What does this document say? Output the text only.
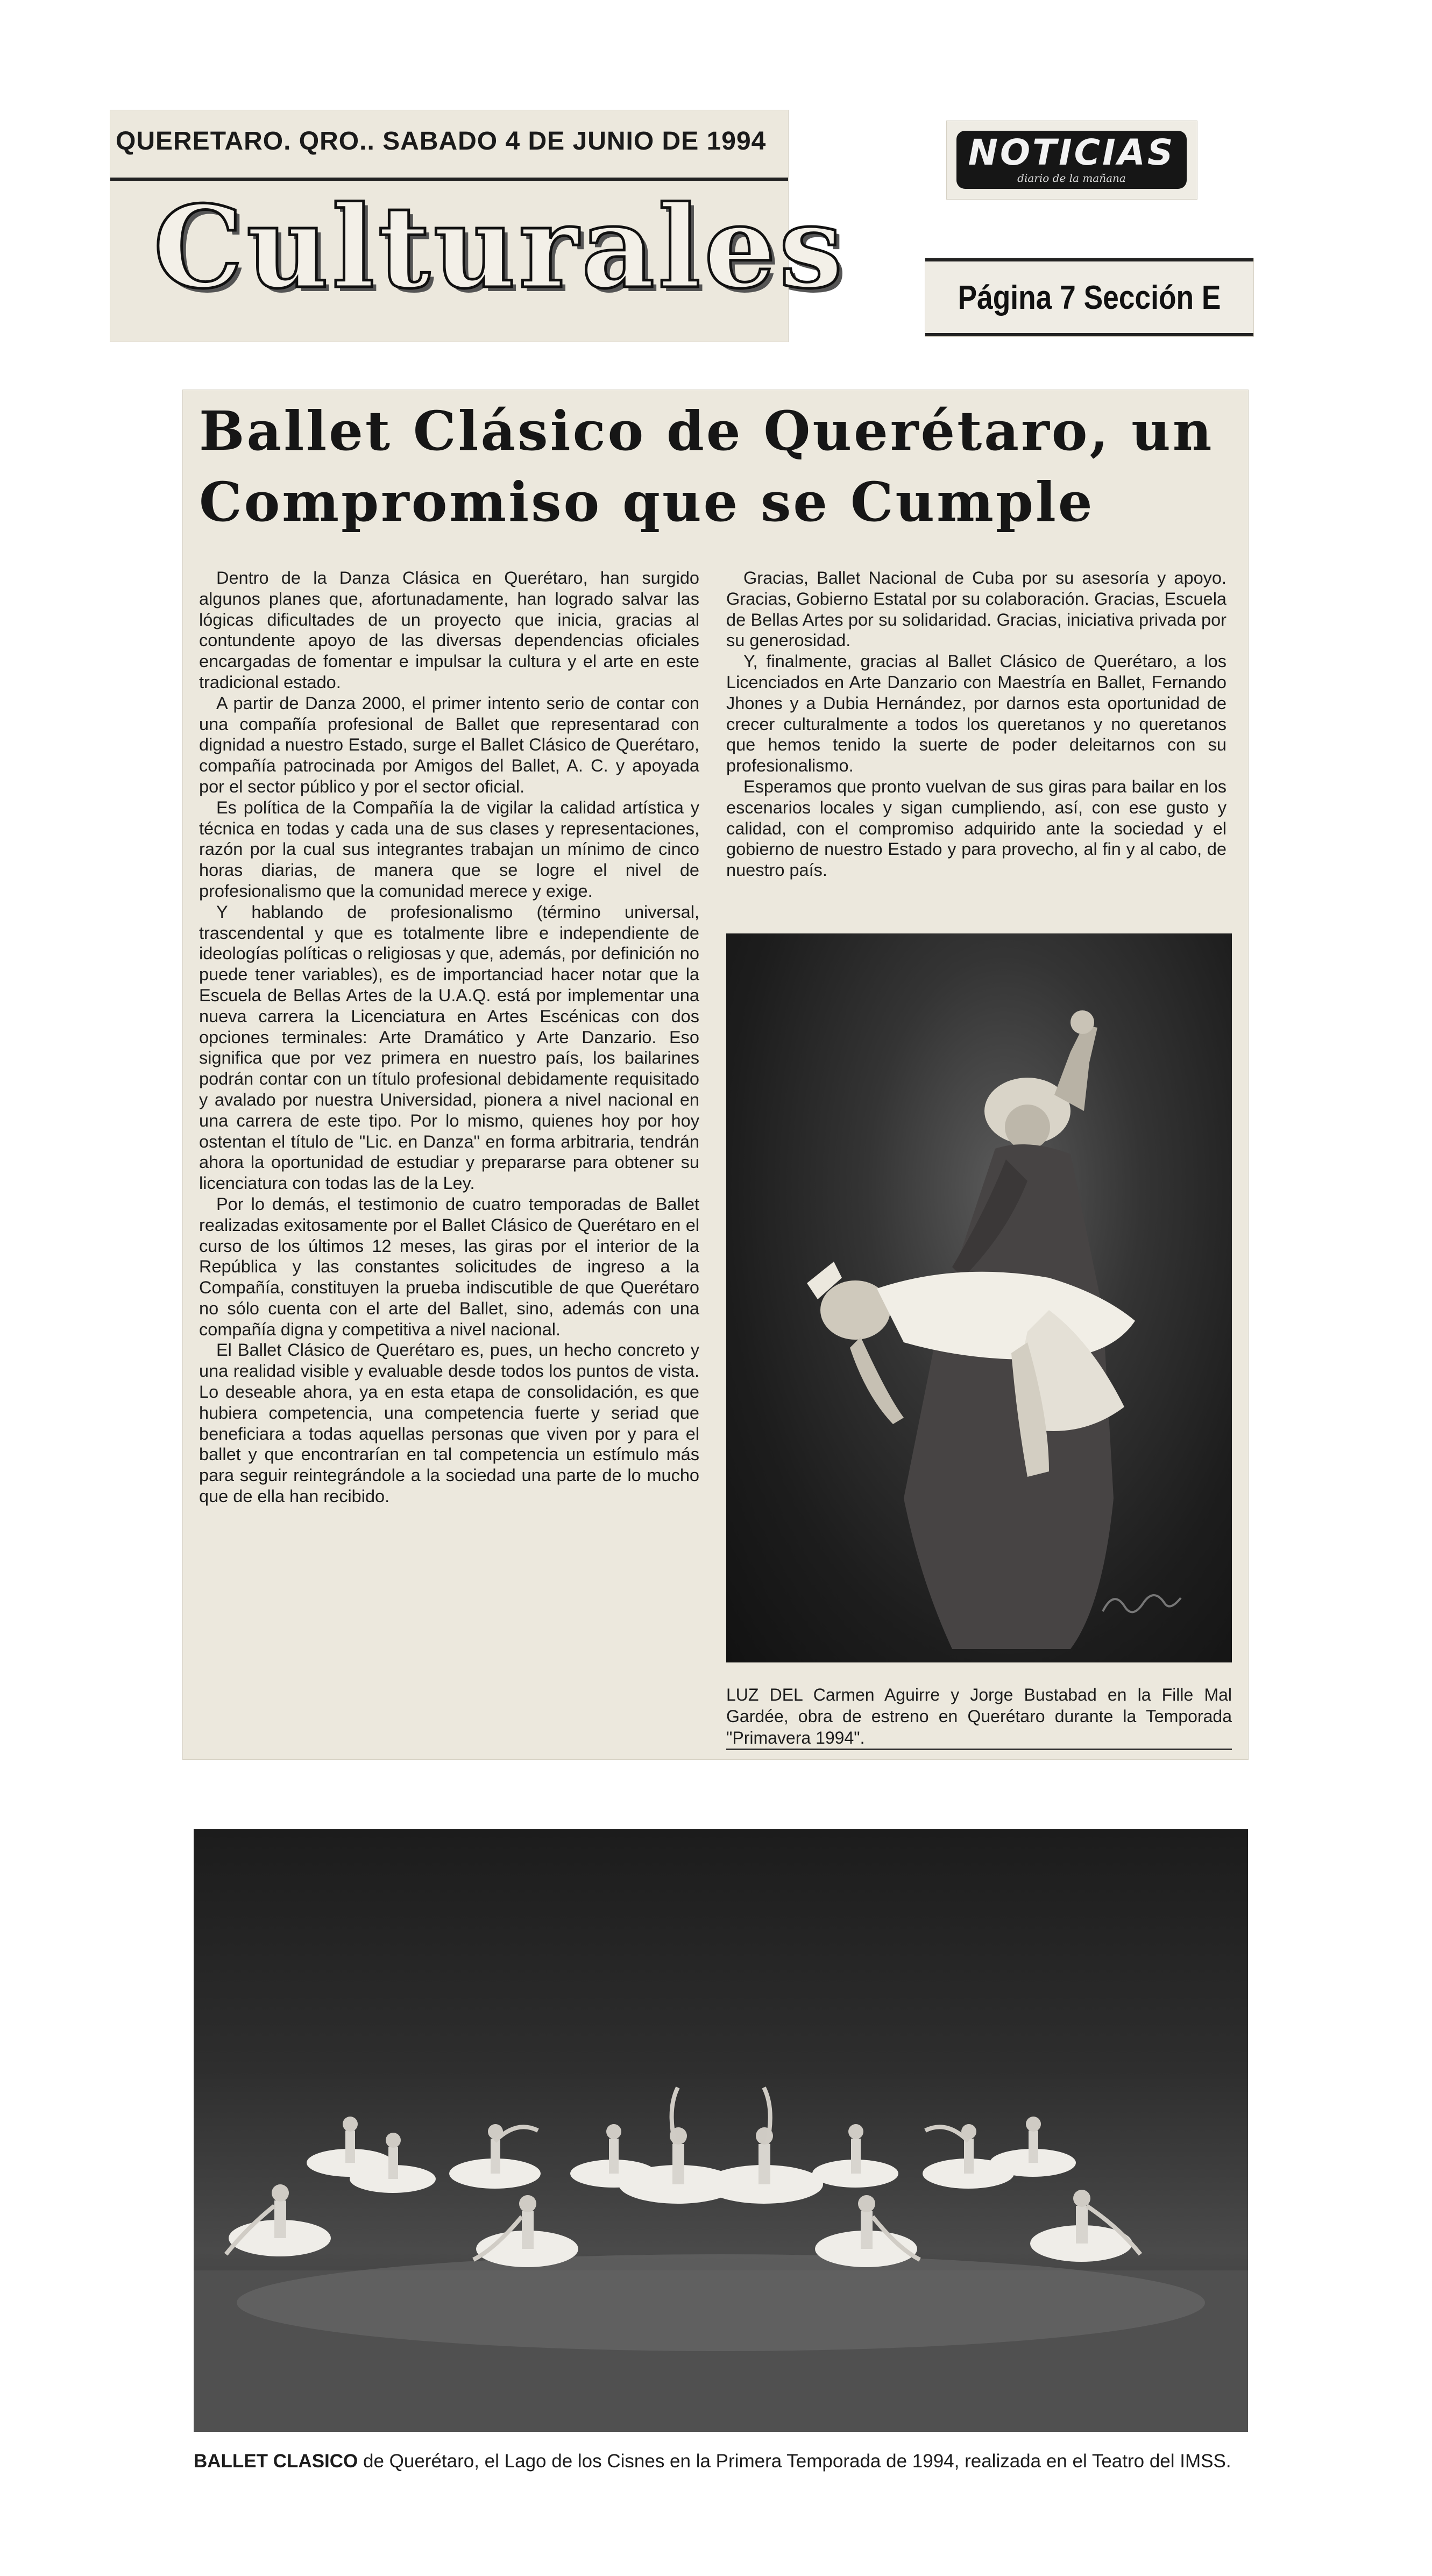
QUERETARO. QRO.. SABADO 4 DE JUNIO DE 1994
Culturales
NOTICIAS
diario de la mañana
Página 7 Sección E
Ballet Clásico de Querétaro, un
Compromiso que se Cumple

Dentro de la Danza Clásica en Querétaro, han surgido algunos planes que, afortunadamente, han logrado salvar las lógicas dificultades de un proyecto que inicia, gracias al contundente apoyo de las diversas dependencias oficiales encargadas de fomentar e impulsar la cultura y el arte en este tradicional estado.

A partir de Danza 2000, el primer intento serio de contar con una compañía profesional de Ballet que representarad con dignidad a nuestro Estado, surge el Ballet Clásico de Querétaro, compañía patrocinada por Amigos del Ballet, A. C. y apoyada por el sector público y por el sector oficial.

Es política de la Compañía la de vigilar la calidad artística y técnica en todas y cada una de sus clases y representaciones, razón por la cual sus integrantes trabajan un mínimo de cinco horas diarias, de manera que se logre el nivel de profesionalismo que la comunidad merece y exige.

Y hablando de profesionalismo (término universal, trascendental y que es totalmente libre e independiente de ideologías políticas o religiosas y que, además, por definición no puede tener variables), es de importanciad hacer notar que la Escuela de Bellas Artes de la U.A.Q. está por implementar una nueva carrera la Licenciatura en Artes Escénicas con dos opciones terminales: Arte Dramático y Arte Danzario. Eso significa que por vez primera en nuestro país, los bailarines podrán contar con un título profesional debidamente requisitado y avalado por nuestra Universidad, pionera a nivel nacional en una carrera de este tipo. Por lo mismo, quienes hoy por hoy ostentan el título de "Lic. en Danza" en forma arbitraria, tendrán ahora la oportunidad de estudiar y prepararse para obtener su licenciatura con todas las de la Ley.

Por lo demás, el testimonio de cuatro temporadas de Ballet realizadas exitosamente por el Ballet Clásico de Querétaro en el curso de los últimos 12 meses, las giras por el interior de la República y las constantes solicitudes de ingreso a la Compañía, constituyen la prueba indiscutible de que Querétaro no sólo cuenta con el arte del Ballet, sino, además con una compañía digna y competitiva a nivel nacional.

El Ballet Clásico de Querétaro es, pues, un hecho concreto y una realidad visible y evaluable desde todos los puntos de vista. Lo deseable ahora, ya en esta etapa de consolidación, es que hubiera competencia, una competencia fuerte y seriad que beneficiara a todas aquellas personas que viven por y para el ballet y que encontrarían en tal competencia un estímulo más para seguir reintegrándole a la sociedad una parte de lo mucho que de ella han recibido.

Gracias, Ballet Nacional de Cuba por su asesoría y apoyo. Gracias, Gobierno Estatal por su colaboración. Gracias, Escuela de Bellas Artes por su solidaridad. Gracias, iniciativa privada por su generosidad.

Y, finalmente, gracias al Ballet Clásico de Querétaro, a los Licenciados en Arte Danzario con Maestría en Ballet, Fernando Jhones y a Dubia Hernández, por darnos esta oportunidad de crecer culturalmente a todos los queretanos y no queretanos que hemos tenido la suerte de poder deleitarnos con su profesionalismo.

Esperamos que pronto vuelvan de sus giras para bailar en los escenarios locales y sigan cumpliendo, así, con ese gusto y calidad, con el compromiso adquirido ante la sociedad y el gobierno de nuestro Estado y para provecho, al fin y al cabo, de nuestro país.

LUZ DEL Carmen Aguirre y Jorge Bustabad en la Fille Mal Gardée, obra de estreno en Querétaro durante la Temporada "Primavera 1994".
BALLET CLASICO de Querétaro, el Lago de los Cisnes en la Primera Temporada de 1994, realizada en el Teatro del IMSS.
